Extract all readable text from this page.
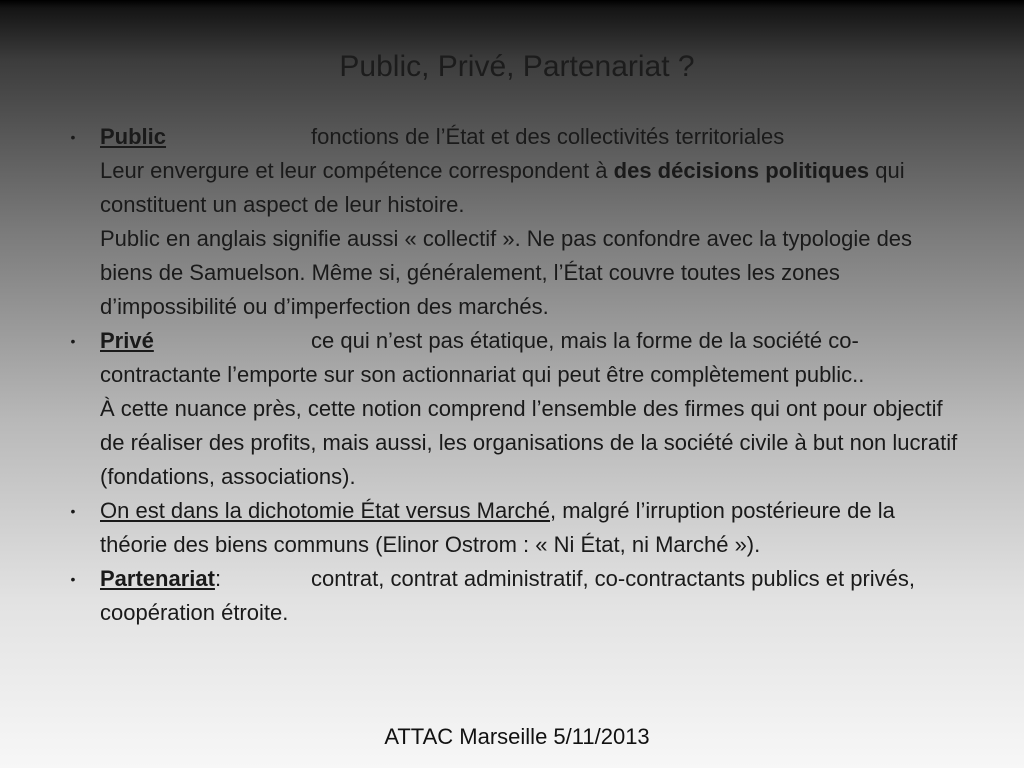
Public, Privé, Partenariat ?
• Public	fonctions de l’État et des collectivités territoriales
Leur envergure et leur compétence correspondent à des décisions politiques qui constituent un aspect de leur histoire.
Public en anglais signifie aussi « collectif ». Ne pas confondre avec la typologie des biens de Samuelson. Même si, généralement, l’État couvre toutes les zones d’impossibilité ou d’imperfection des marchés.
• Privé	ce qui n’est pas étatique, mais la forme de la société co-contractante l’emporte sur son actionnariat qui peut être complètement public..
À cette nuance près, cette notion comprend l’ensemble des firmes qui ont pour objectif de réaliser des profits, mais aussi, les organisations de la société civile à but non lucratif (fondations, associations).
• On est dans la dichotomie État versus Marché, malgré l’irruption postérieure de la théorie des biens communs (Elinor Ostrom : « Ni État, ni Marché »).
• Partenariat:	contrat, contrat administratif, co-contractants publics et privés, coopération étroite.
ATTAC Marseille 5/11/2013
